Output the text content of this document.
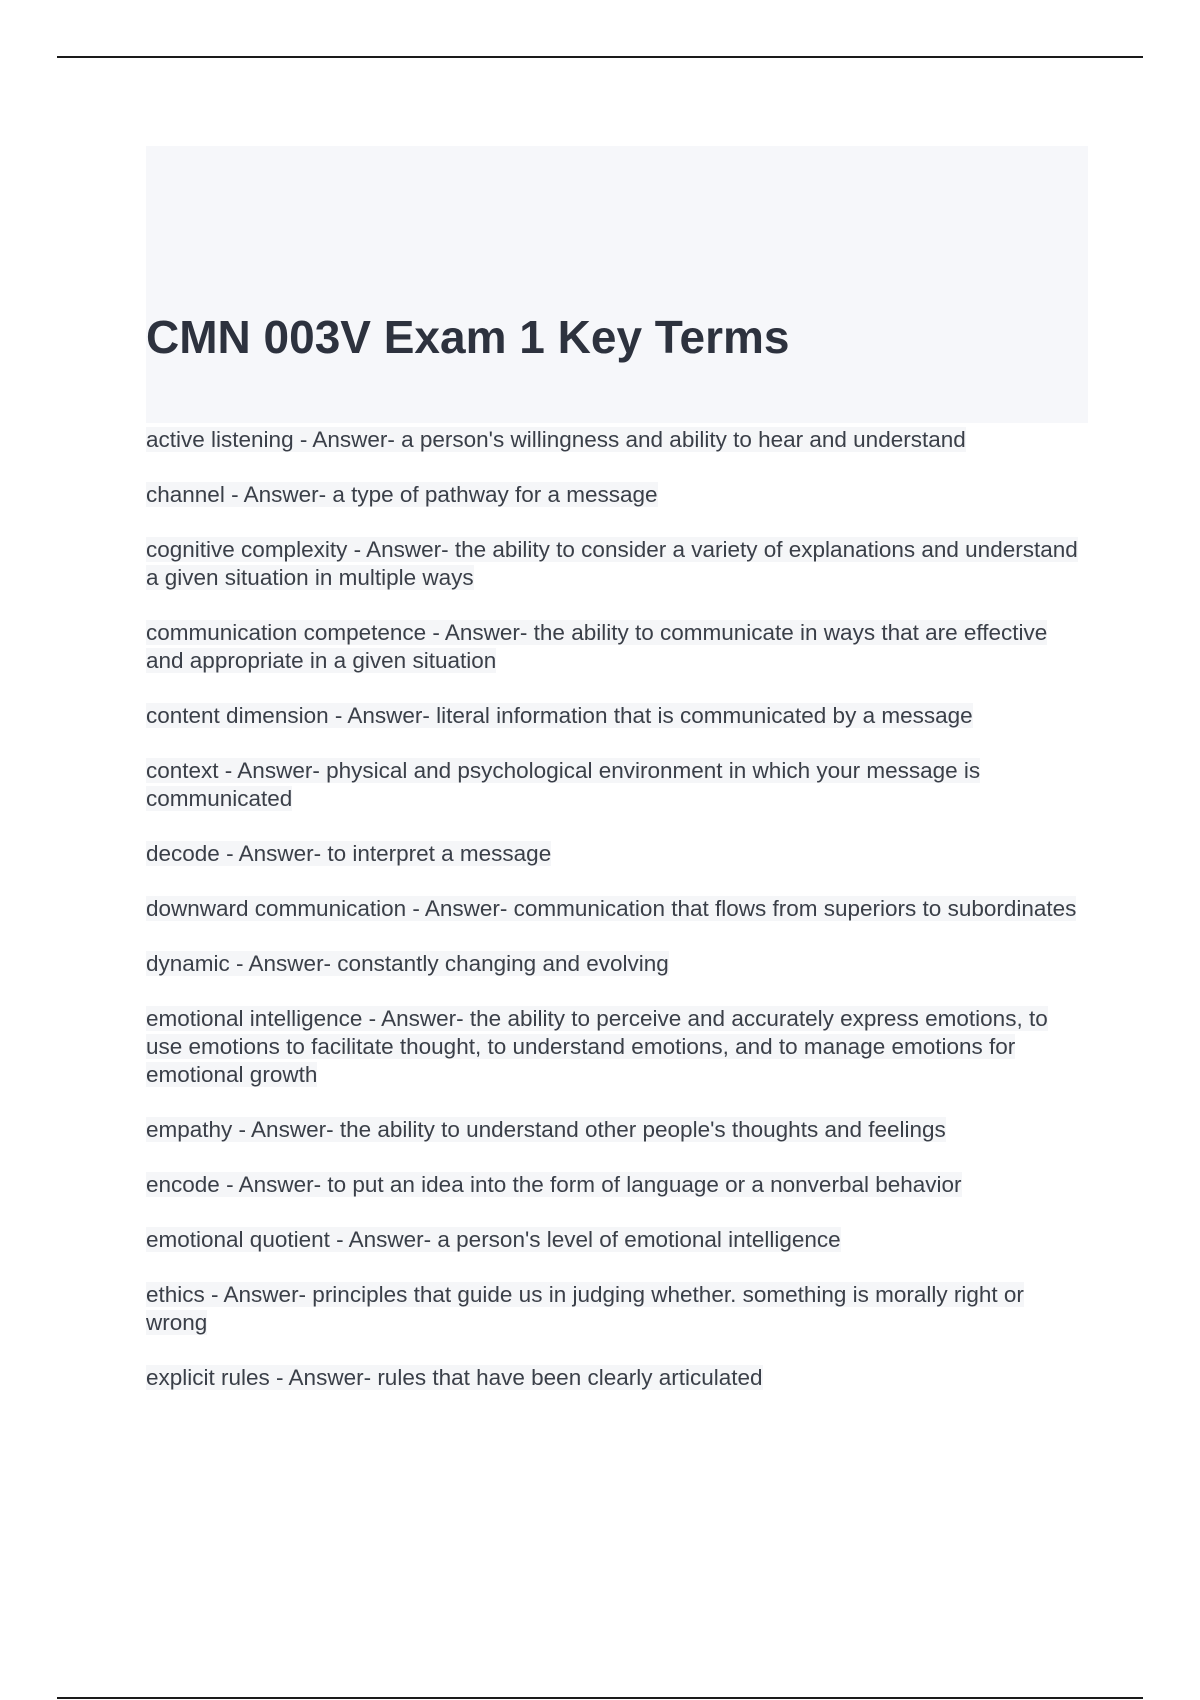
CMN 003V Exam 1 Key Terms
active listening - Answer- a person's willingness and ability to hear and understand
channel - Answer- a type of pathway for a message
cognitive complexity - Answer- the ability to consider a variety of explanations and understand a given situation in multiple ways
communication competence - Answer- the ability to communicate in ways that are effective and appropriate in a given situation
content dimension - Answer- literal information that is communicated by a message
context - Answer- physical and psychological environment in which your message is communicated
decode - Answer- to interpret a message
downward communication - Answer- communication that flows from superiors to subordinates
dynamic - Answer- constantly changing and evolving
emotional intelligence - Answer- the ability to perceive and accurately express emotions, to use emotions to facilitate thought, to understand emotions, and to manage emotions for emotional growth
empathy - Answer- the ability to understand other people's thoughts and feelings
encode - Answer- to put an idea into the form of language or a nonverbal behavior
emotional quotient - Answer- a person's level of emotional intelligence
ethics - Answer- principles that guide us in judging whether. something is morally right or wrong
explicit rules - Answer- rules that have been clearly articulated
